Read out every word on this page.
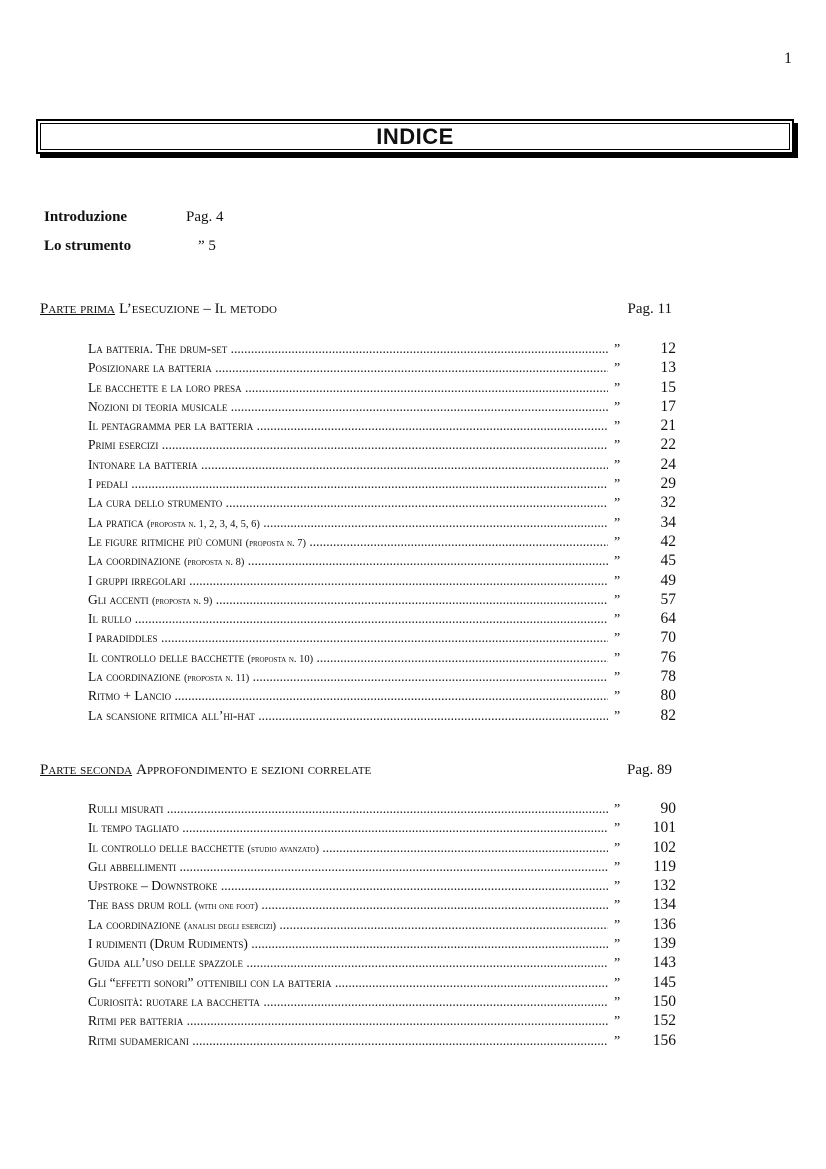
1
INDICE
Introduzione	Pag. 4
Lo strumento	” 5
Parte prima L’esecuzione – Il metodo	Pag. 11
La batteria. The drum-set .....	”	12
Posizionare la batteria .....	”	13
Le bacchette e la loro presa .....	”	15
Nozioni di teoria musicale .....	”	17
Il pentagramma per la batteria .....	”	21
Primi esercizi .....	”	22
Intonare la batteria .....	”	24
I pedali .....	”	29
La cura dello strumento .....	”	32
La pratica (proposta n. 1, 2, 3, 4, 5, 6) .....	”	34
Le figure ritmiche più comuni (proposta n. 7) .....	”	42
La coordinazione (proposta n. 8) .....	”	45
I gruppi irregolari .....	”	49
Gli accenti (proposta n. 9) .....	”	57
Il rullo .....	”	64
I paradiddles .....	”	70
Il controllo delle bacchette (proposta n. 10) .....	”	76
La coordinazione (proposta n. 11) .....	”	78
Ritmo + Lancio .....	”	80
La scansione ritmica all’hi-hat .....	”	82
Parte seconda Approfondimento e sezioni correlate	Pag. 89
Rulli misurati .....	”	90
Il tempo tagliato .....	”	101
Il controllo delle bacchette (studio avanzato) .....	”	102
Gli abbellimenti .....	”	119
Upstroke – Downstroke .....	”	132
The bass drum roll (with one foot) .....	”	134
La coordinazione (analisi degli esercizi) .....	”	136
I rudimenti (Drum Rudiments) .....	”	139
Guida all’uso delle spazzole .....	”	143
Gli “effetti sonori” ottenibili con la batteria .....	”	145
Curiosità: ruotare la bacchetta .....	”	150
Ritmi per batteria .....	”	152
Ritmi sudamericani .....	”	156
